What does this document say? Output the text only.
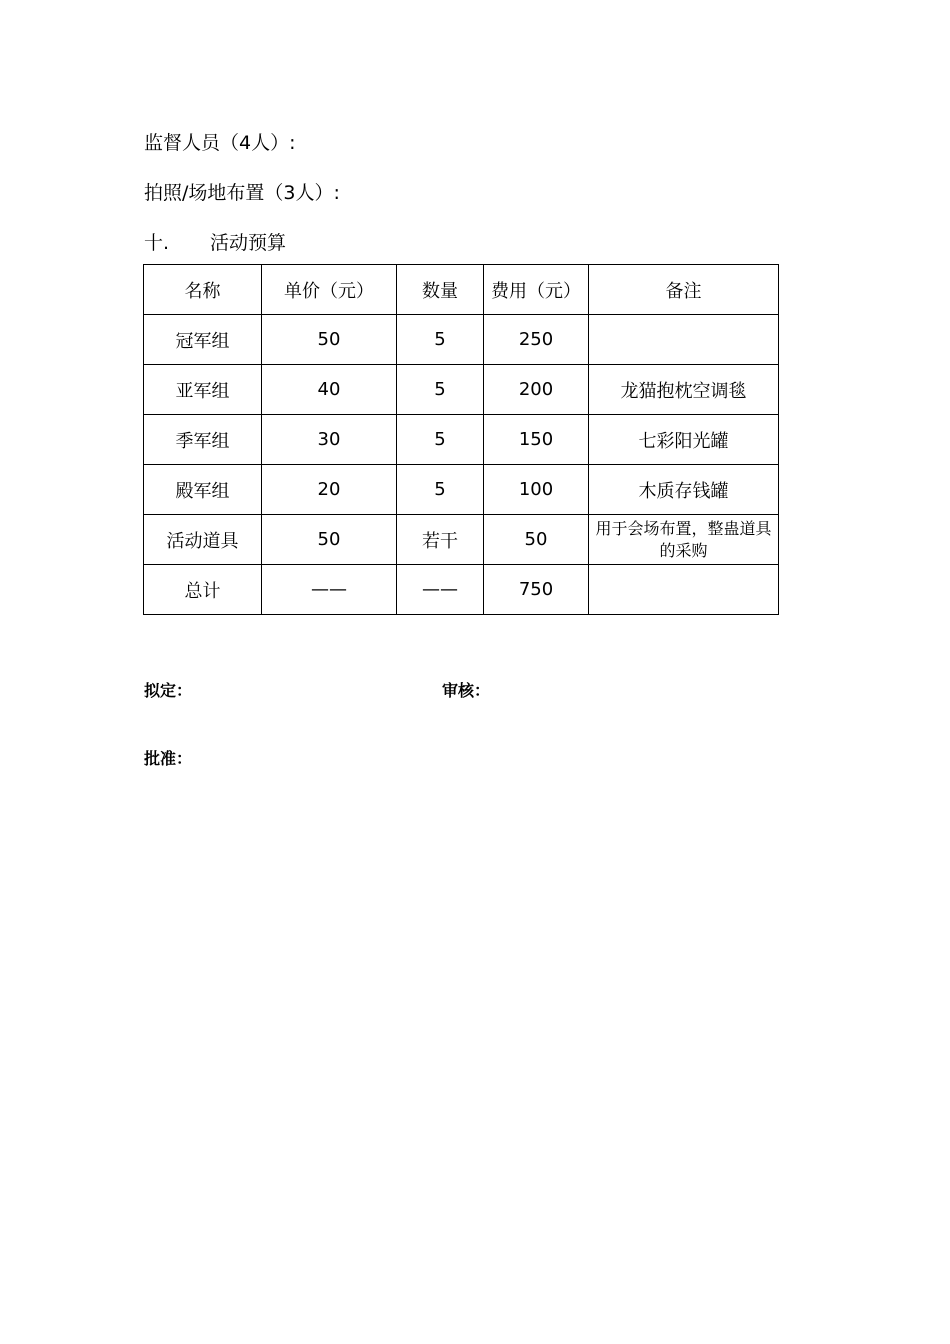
监督人员（4人）:
拍照/场地布置（3人）:
十. 活动预算
名称	单价（元）	数量	费用（元）	备注
冠军组	50	5	250	
亚军组	40	5	200	龙猫抱枕空调毯
季军组	30	5	150	七彩阳光罐
殿军组	20	5	100	木质存钱罐
活动道具	50	若干	50	用于会场布置，整蛊道具的采购
总计	——	——	750	
拟定：	审核：
批准：
